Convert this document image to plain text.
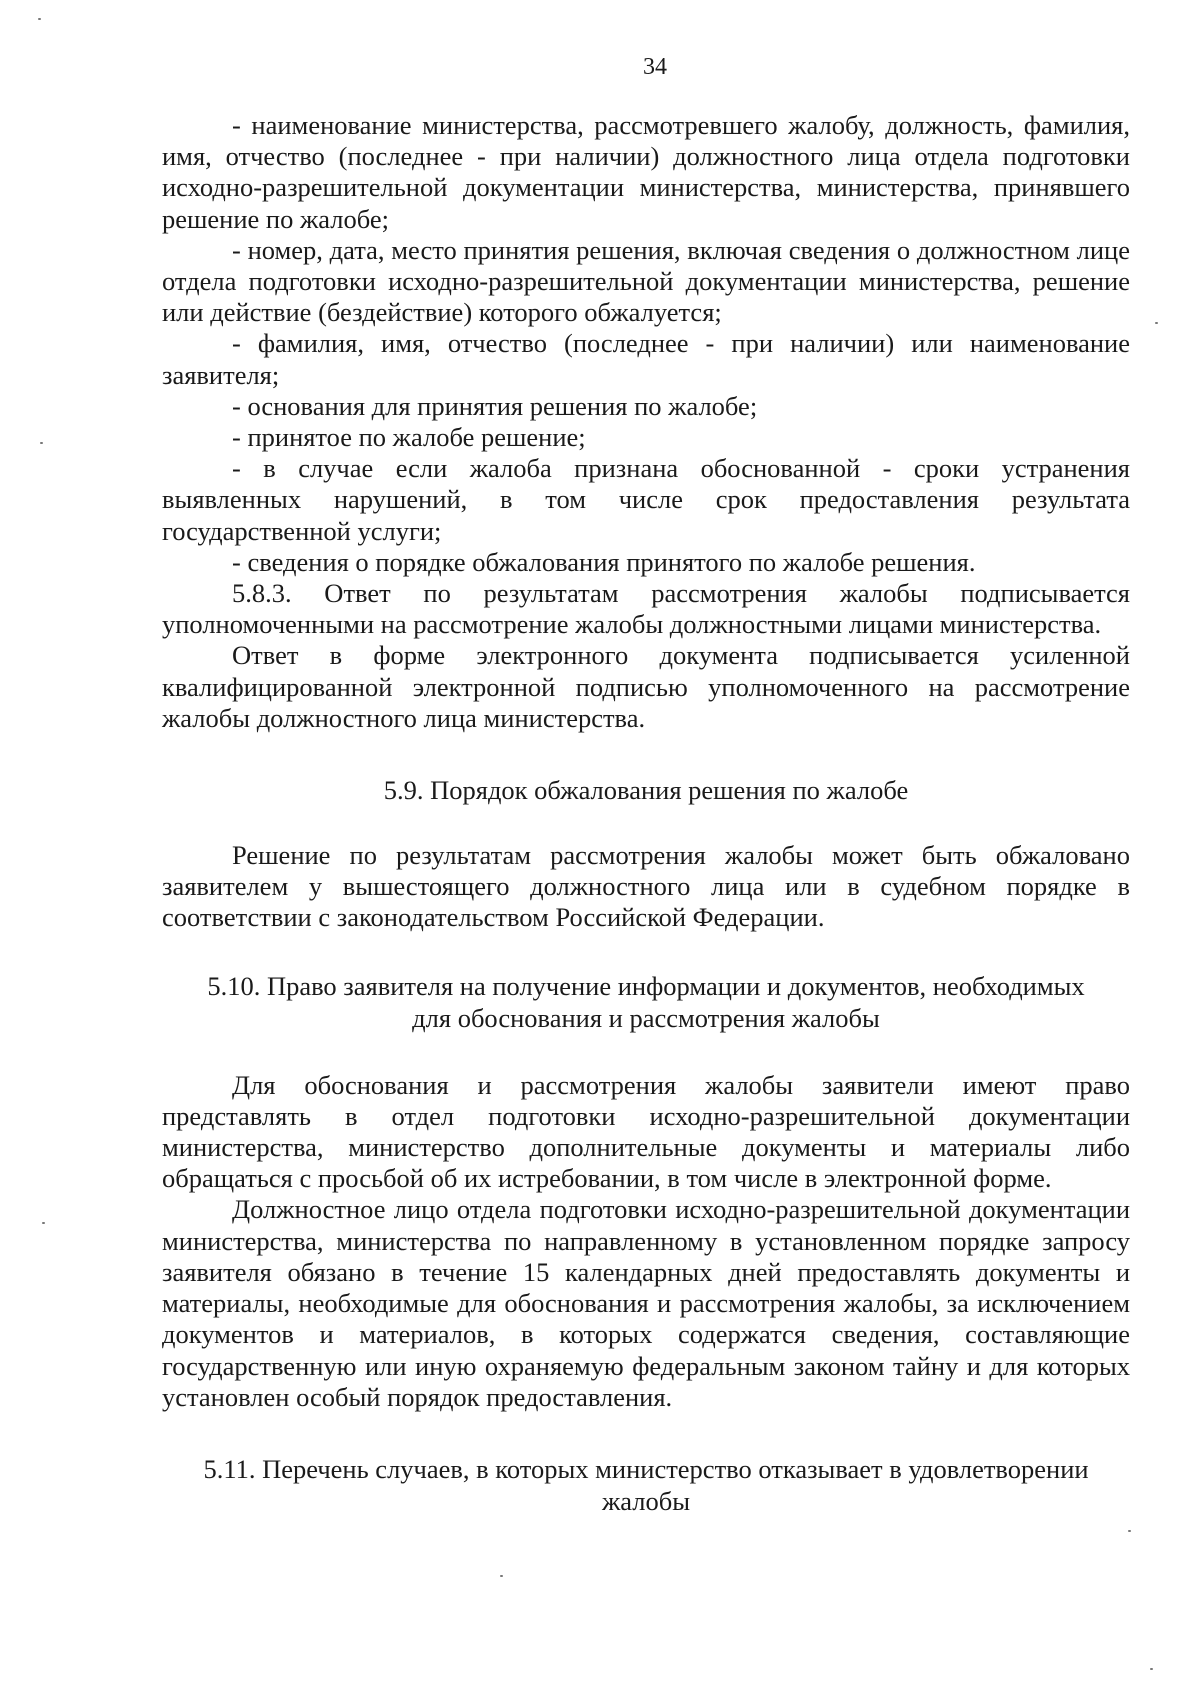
34

- наименование министерства, рассмотревшего жалобу, должность, фамилия, имя, отчество (последнее - при наличии) должностного лица отдела подготовки исходно-разрешительной документации министерства, министерства, принявшего решение по жалобе;

- номер, дата, место принятия решения, включая сведения о должностном лице отдела подготовки исходно-разрешительной документации министерства, решение или действие (бездействие) которого обжалуется;

- фамилия, имя, отчество (последнее - при наличии) или наименование заявителя;

- основания для принятия решения по жалобе;

- принятое по жалобе решение;

- в случае если жалоба признана обоснованной - сроки устранения выявленных нарушений, в том числе срок предоставления результата государственной услуги;

- сведения о порядке обжалования принятого по жалобе решения.

5.8.3. Ответ по результатам рассмотрения жалобы подписывается уполномоченными на рассмотрение жалобы должностными лицами министерства.

Ответ в форме электронного документа подписывается усиленной квалифицированной электронной подписью уполномоченного на рассмотрение жалобы должностного лица министерства.

5.9. Порядок обжалования решения по жалобе

Решение по результатам рассмотрения жалобы может быть обжаловано заявителем у вышестоящего должностного лица или в судебном порядке в соответствии с законодательством Российской Федерации.

5.10. Право заявителя на получение информации и документов, необходимых
для обоснования и рассмотрения жалобы

Для обоснования и рассмотрения жалобы заявители имеют право представлять в отдел подготовки исходно-разрешительной документации министерства, министерство дополнительные документы и материалы либо обращаться с просьбой об их истребовании, в том числе в электронной форме.

Должностное лицо отдела подготовки исходно-разрешительной документации министерства, министерства по направленному в установленном порядке запросу заявителя обязано в течение 15 календарных дней предоставлять документы и материалы, необходимые для обоснования и рассмотрения жалобы, за исключением документов и материалов, в которых содержатся сведения, составляющие государственную или иную охраняемую федеральным законом тайну и для которых установлен особый порядок предоставления.

5.11. Перечень случаев, в которых министерство отказывает в удовлетворении
жалобы
